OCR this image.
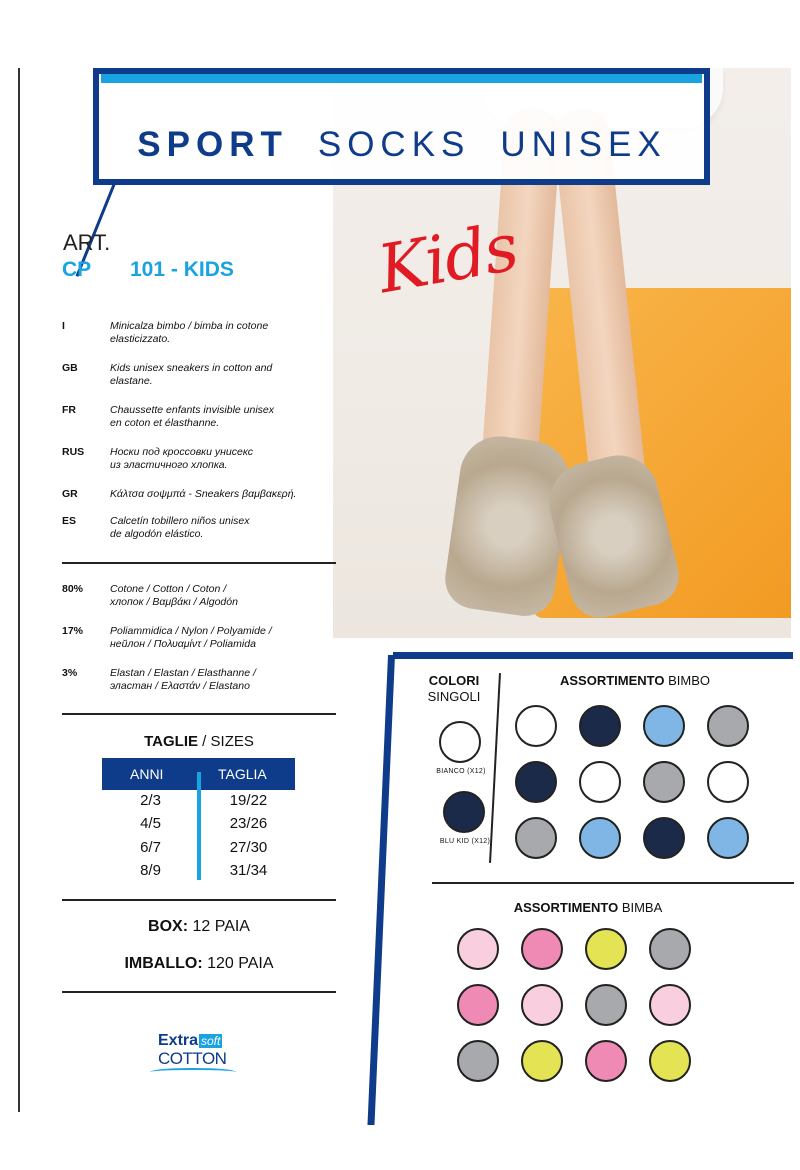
Kids
SPORT SOCKS UNISEX
ART.
CP 101 - KIDS
I	Minicalza bimbo / bimba in cotone
elasticizzato.
GB	Kids unisex sneakers in cotton and
elastane.
FR	Chaussette enfants invisible unisex
en coton et élasthanne.
RUS Носки под кроссовки унисекс
из эластичного хлопка.
GR	Κάλτσα σοψμπά - Sneakers βαμβακερή.
ES	Calcetín tobillero niños unisex
de algodón elástico.
80%	Cotone / Cotton / Coton /
хлопок / Βαμβάκι / Algodón
17%	Poliammidica / Nylon / Polyamide /
нейлон / Πολυαμίντ / Poliamida
3%	Elastan / Elastan / Elasthanne /
эластан / Ελαστάν / Elastano
TAGLIE / SIZES
ANNI	TAGLIA
2/3	19/22
4/5	23/26
6/7	27/30
8/9	31/34
BOX: 12 PAIA
IMBALLO: 120 PAIA
Extra soft
COTTON
COLORI
SINGOLI
BIANCO (X12)
BLU KID (X12)
ASSORTIMENTO BIMBO
ASSORTIMENTO BIMBA
